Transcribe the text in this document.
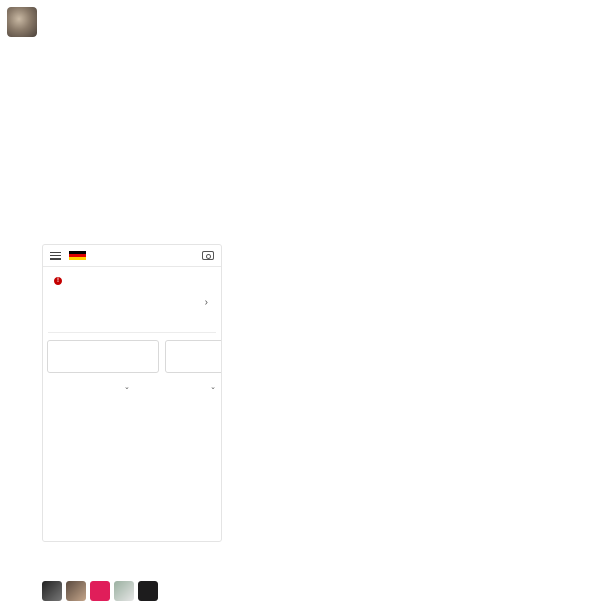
!
›

⌄	⌄
